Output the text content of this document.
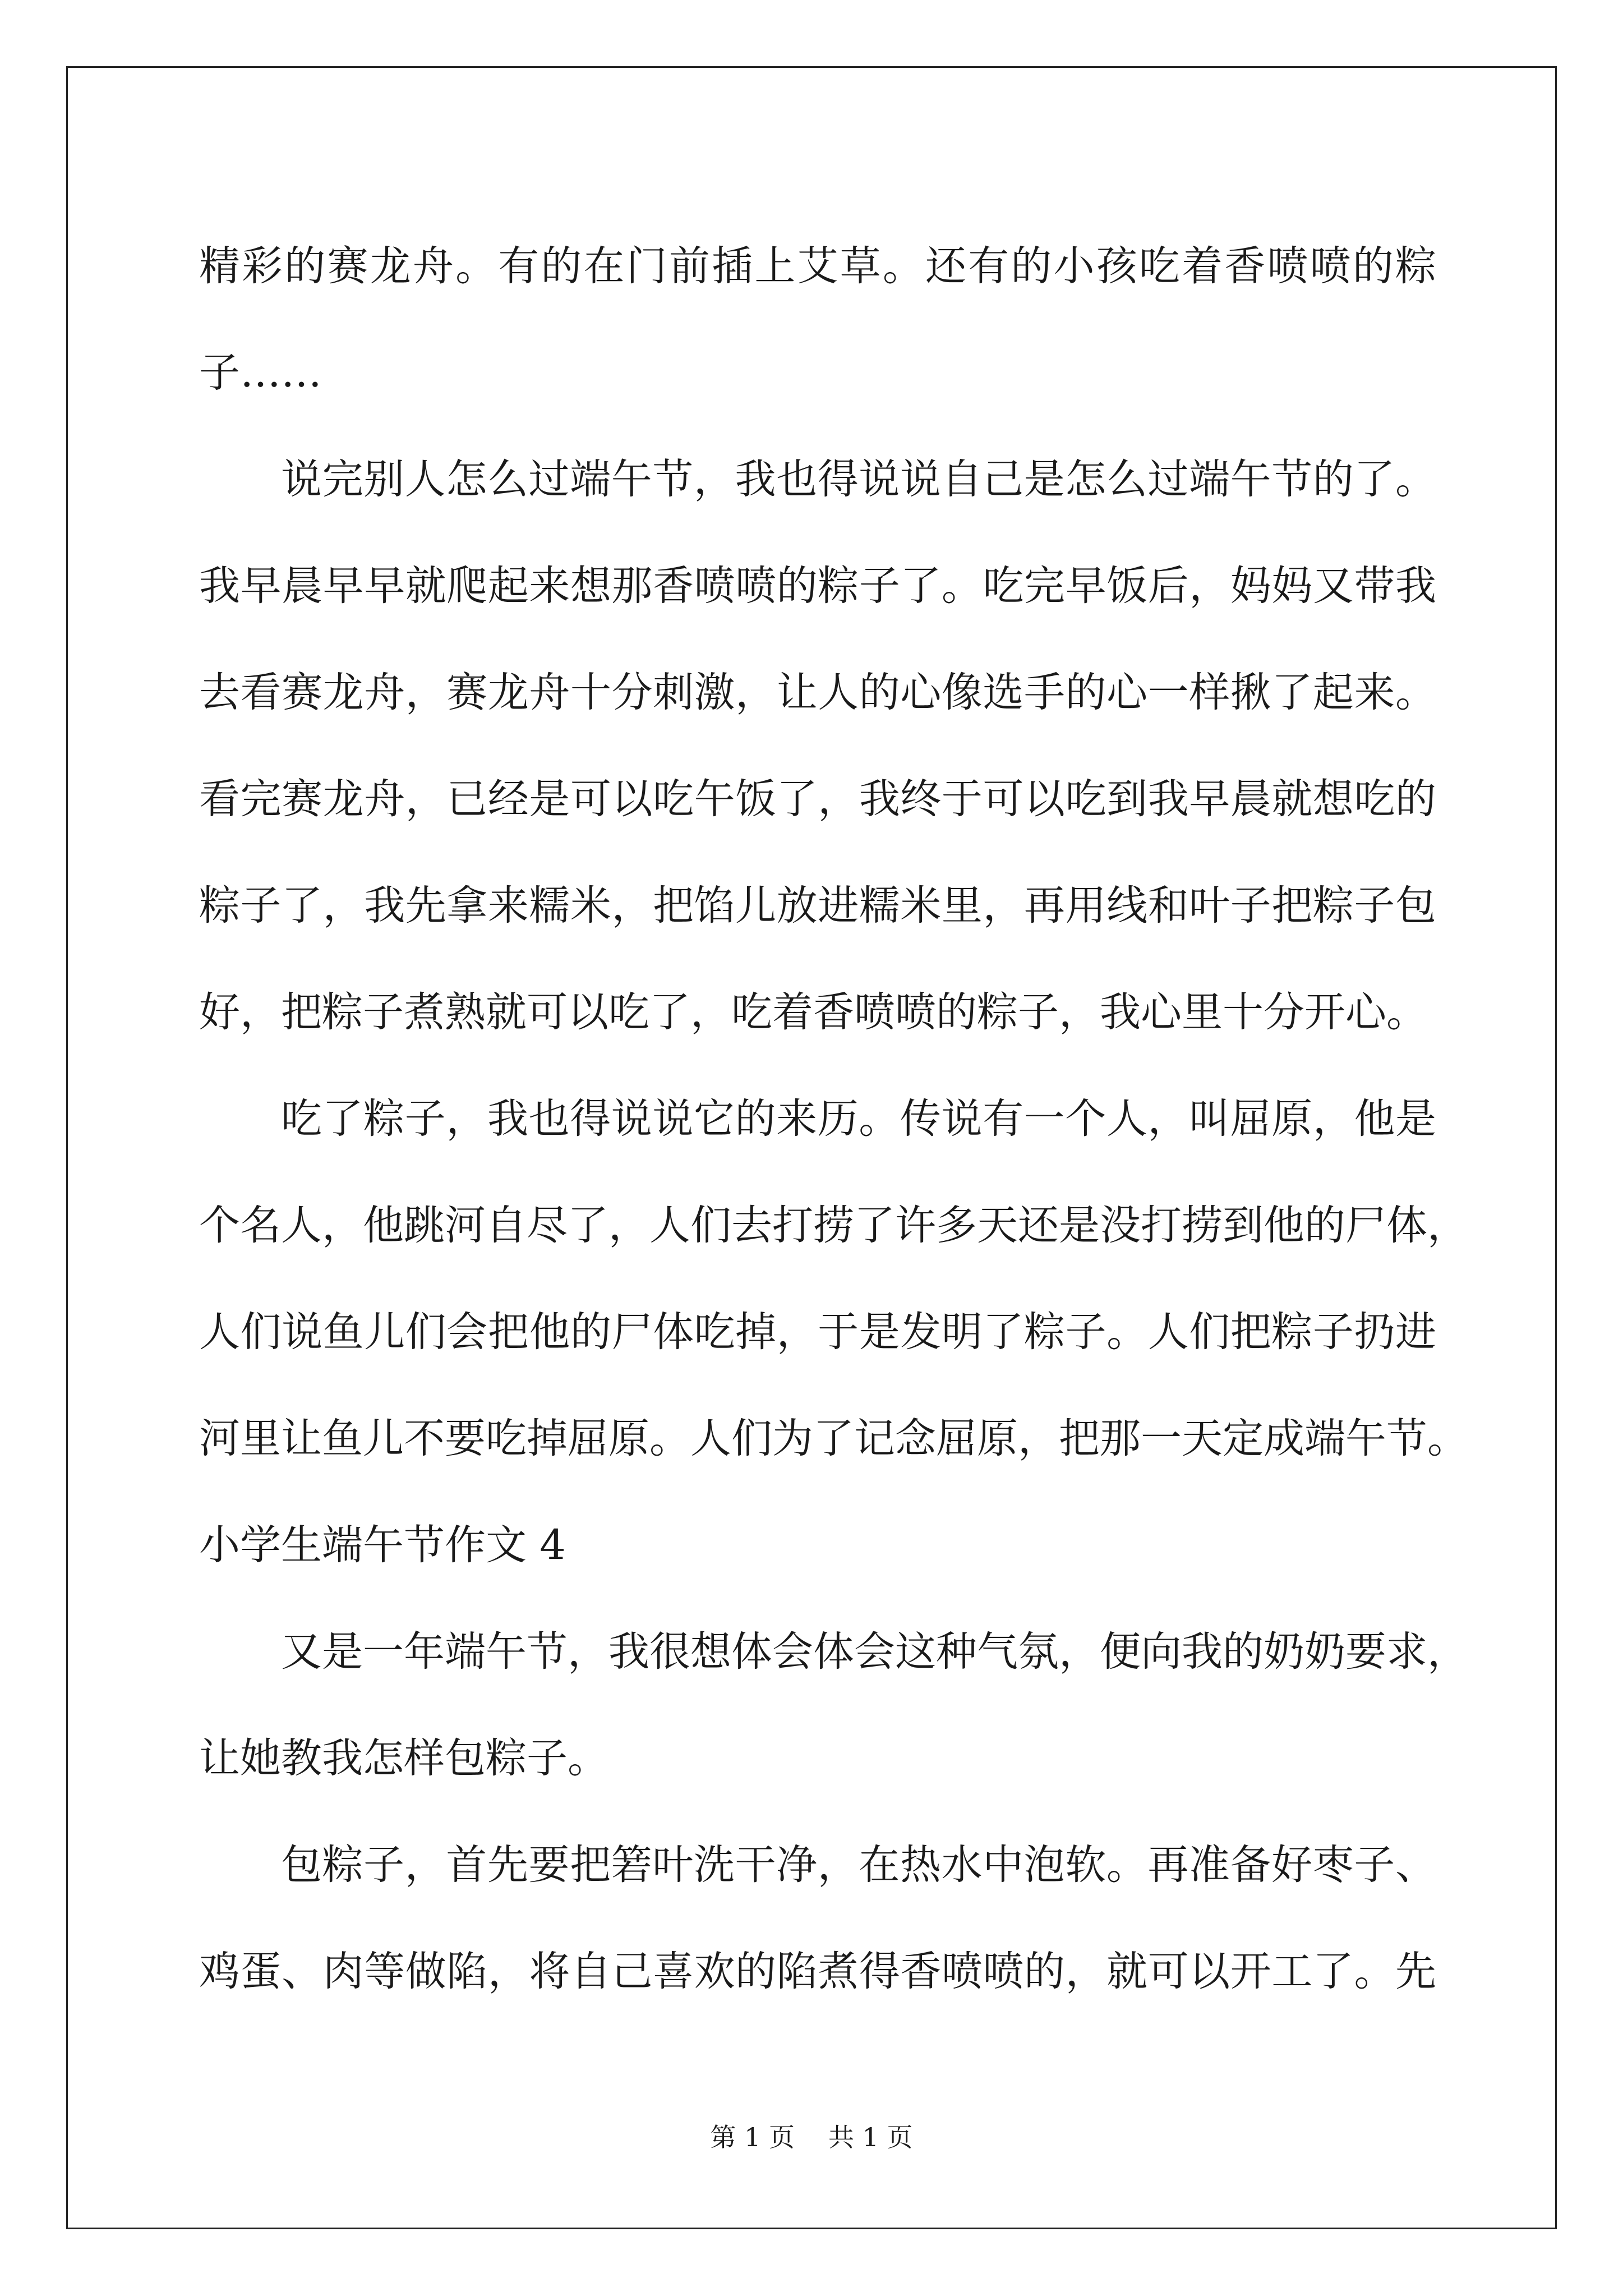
精彩的赛龙舟。有的在门前插上艾草。还有的小孩吃着香喷喷的粽
子……
说完别人怎么过端午节，我也得说说自己是怎么过端午节的了。
我早晨早早就爬起来想那香喷喷的粽子了。吃完早饭后，妈妈又带我
去看赛龙舟，赛龙舟十分刺激，让人的心像选手的心一样揪了起来。
看完赛龙舟，已经是可以吃午饭了，我终于可以吃到我早晨就想吃的
粽子了，我先拿来糯米，把馅儿放进糯米里，再用线和叶子把粽子包
好，把粽子煮熟就可以吃了，吃着香喷喷的粽子，我心里十分开心。
吃了粽子，我也得说说它的来历。传说有一个人，叫屈原，他是
个名人，他跳河自尽了，人们去打捞了许多天还是没打捞到他的尸体，
人们说鱼儿们会把他的尸体吃掉，于是发明了粽子。人们把粽子扔进
河里让鱼儿不要吃掉屈原。人们为了记念屈原，把那一天定成端午节。
小学生端午节作文 4
又是一年端午节，我很想体会体会这种气氛，便向我的奶奶要求，
让她教我怎样包粽子。
包粽子，首先要把箬叶洗干净，在热水中泡软。再准备好枣子、
鸡蛋、肉等做陷，将自己喜欢的陷煮得香喷喷的，就可以开工了。先
第 1 页 共 1 页
